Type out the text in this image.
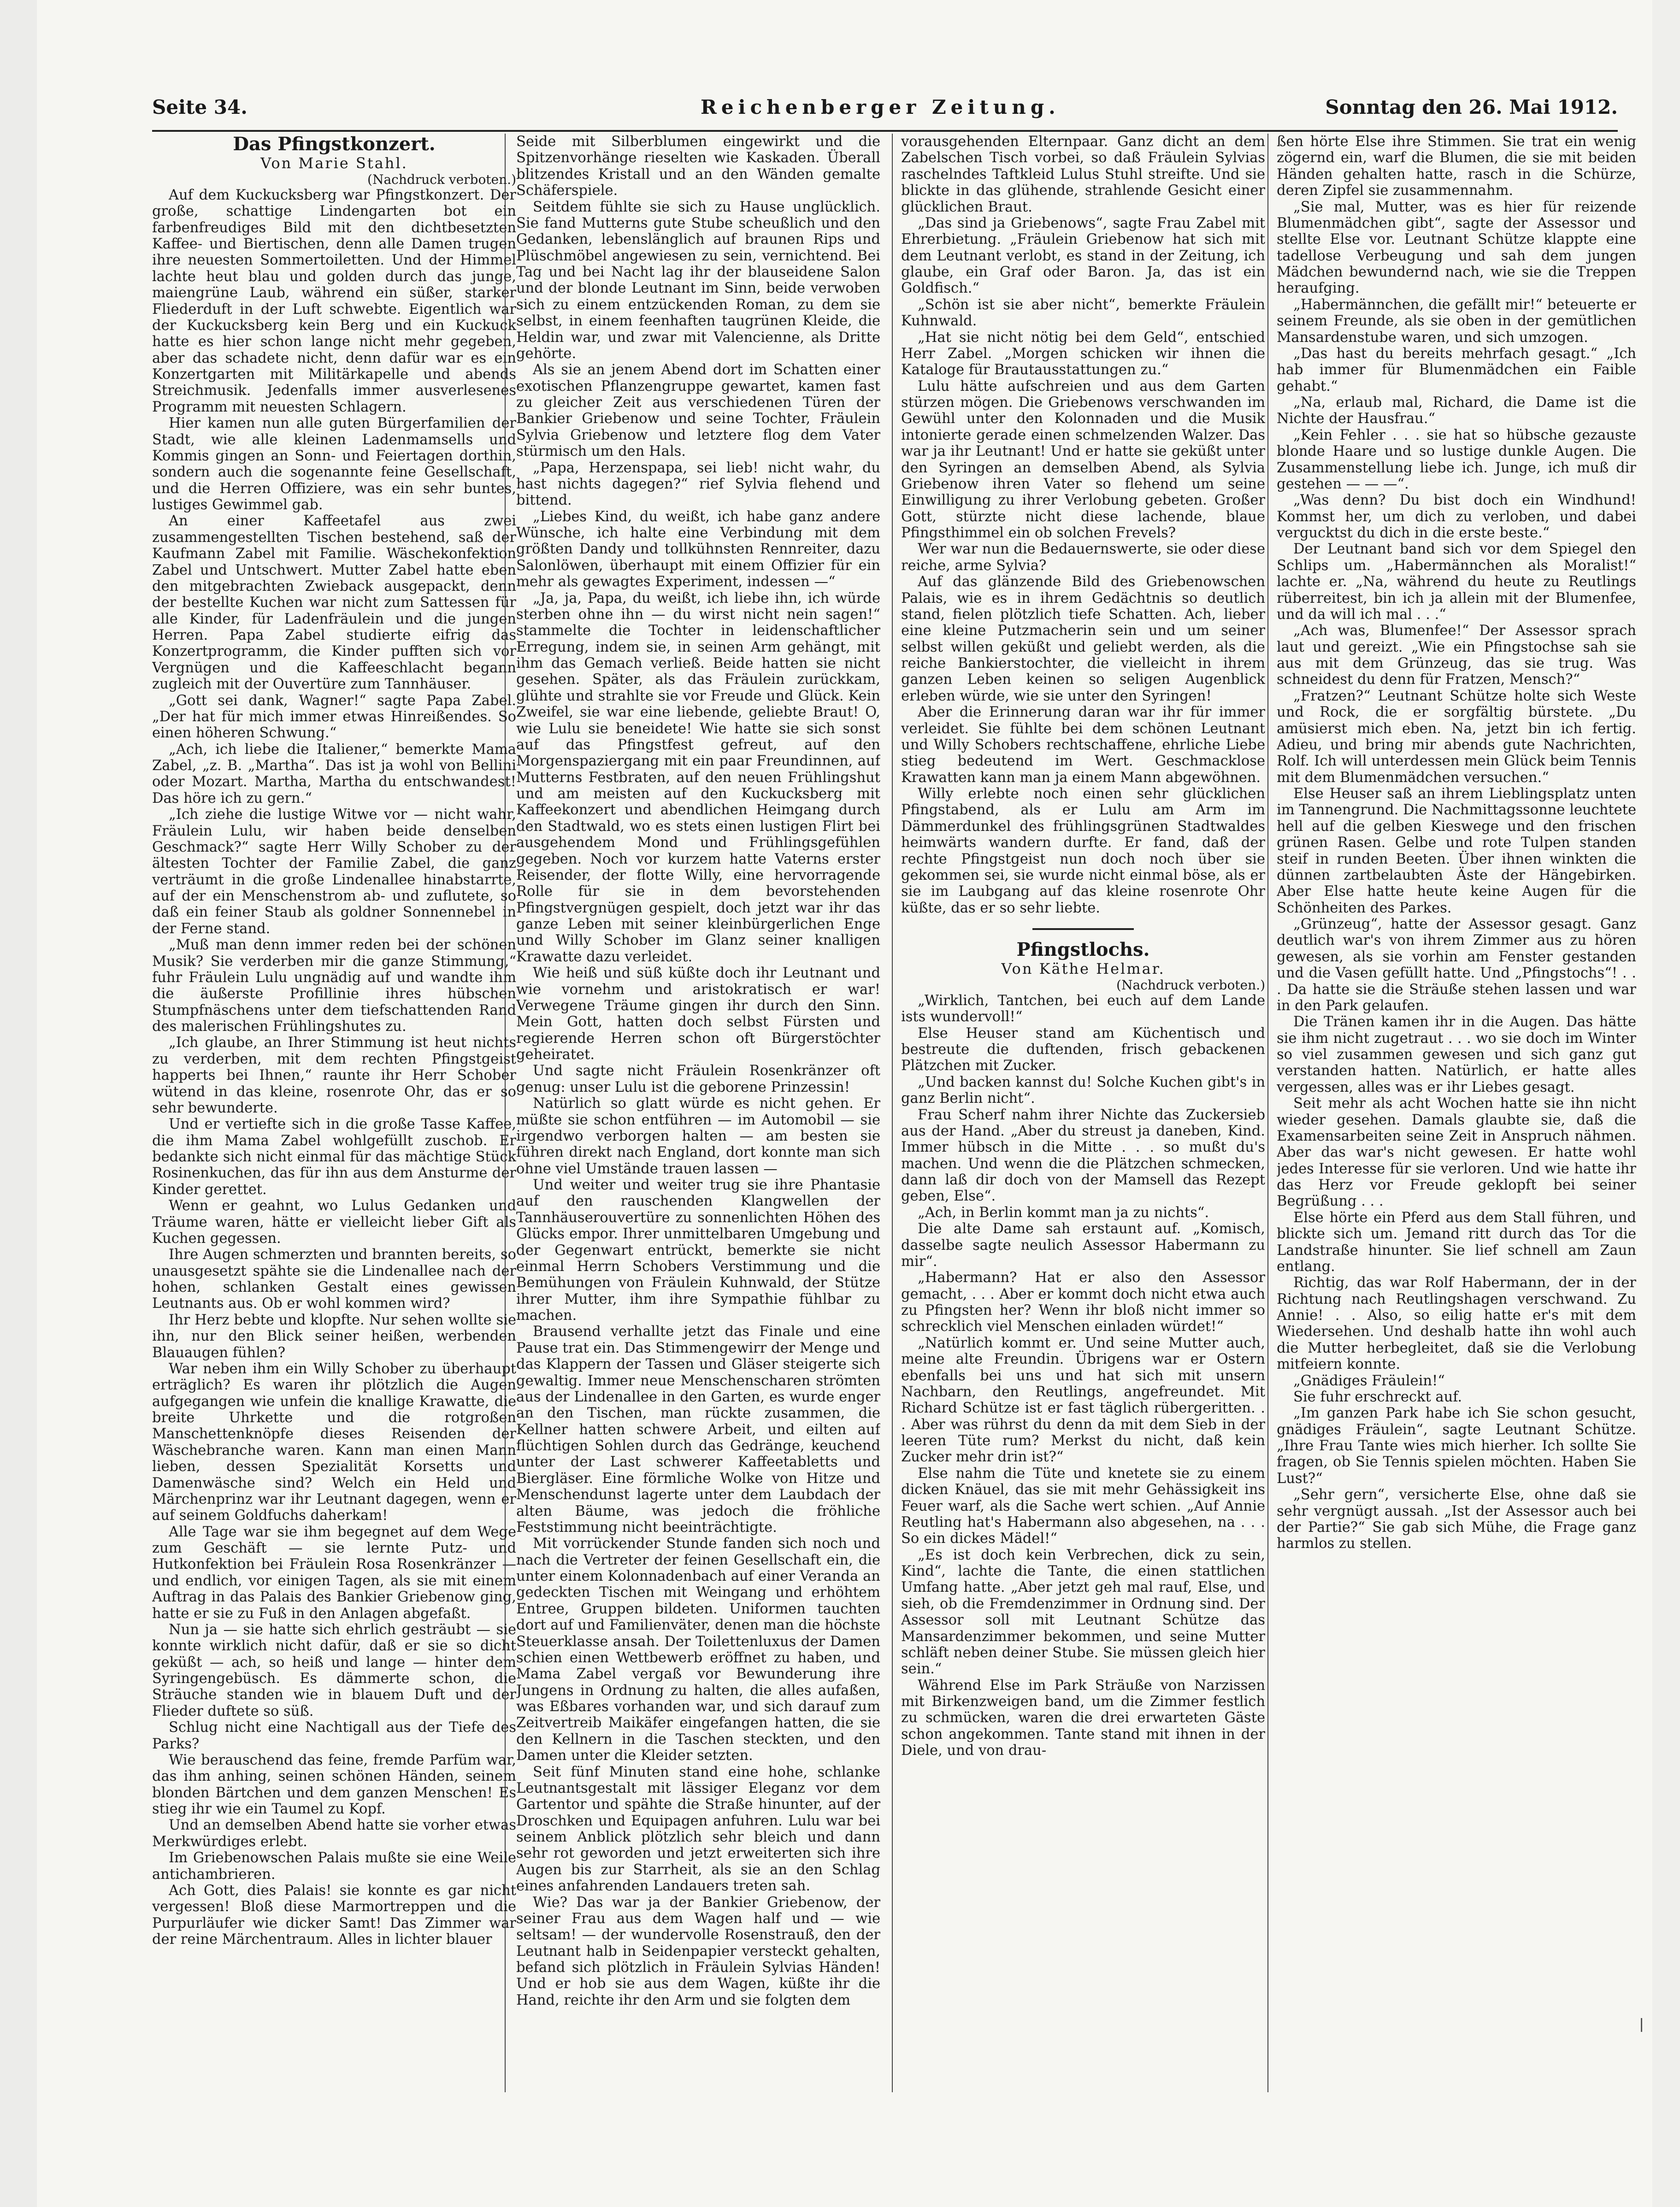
Seite 34.	Reichenberger Zeitung.	Sonntag den 26. Mai 1912.

Das Pfingstkonzert.

Von Marie Stahl.

(Nachdruck verboten.)

Auf dem Kuckucksberg war Pfingstkonzert. Der große, schattige Lindengarten bot ein farbenfreudiges Bild mit den dichtbesetzten Kaffee- und Biertischen, denn alle Damen trugen ihre neuesten Sommertoiletten. Und der Himmel lachte heut blau und golden durch das junge, maiengrüne Laub, während ein süßer, starker Fliederduft in der Luft schwebte. Eigentlich war der Kuckucksberg kein Berg und ein Kuckuck hatte es hier schon lange nicht mehr gegeben, aber das schadete nicht, denn dafür war es ein Konzertgarten mit Militärkapelle und abends Streichmusik. Jedenfalls immer ausverlesenes Programm mit neuesten Schlagern.

Hier kamen nun alle guten Bürgerfamilien der Stadt, wie alle kleinen Ladenmamsells und Kommis gingen an Sonn- und Feiertagen dorthin, sondern auch die sogenannte feine Gesellschaft, und die Herren Offiziere, was ein sehr buntes, lustiges Gewimmel gab.

An einer Kaffeetafel aus zwei zusammengestellten Tischen bestehend, saß der Kaufmann Zabel mit Familie. Wäschekonfektion Zabel und Untschwert. Mutter Zabel hatte eben den mitgebrachten Zwieback ausgepackt, denn der bestellte Kuchen war nicht zum Sattessen für alle Kinder, für Ladenfräulein und die jungen Herren. Papa Zabel studierte eifrig das Konzertprogramm, die Kinder pufften sich vor Vergnügen und die Kaffeeschlacht begann zugleich mit der Ouvertüre zum Tannhäuser.

„Gott sei dank, Wagner!“ sagte Papa Zabel. „Der hat für mich immer etwas Hinreißendes. So einen höheren Schwung.“

„Ach, ich liebe die Italiener,“ bemerkte Mama Zabel, „z. B. „Martha“. Das ist ja wohl von Bellini oder Mozart. Martha, Martha du entschwandest! Das höre ich zu gern.“

„Ich ziehe die lustige Witwe vor — nicht wahr, Fräulein Lulu, wir haben beide denselben Geschmack?“ sagte Herr Willy Schober zu der ältesten Tochter der Familie Zabel, die ganz verträumt in die große Lindenallee hinabstarrte, auf der ein Menschenstrom ab- und zuflutete, so daß ein feiner Staub als goldner Sonnennebel in der Ferne stand.

„Muß man denn immer reden bei der schönen Musik? Sie verderben mir die ganze Stimmung,“ fuhr Fräulein Lulu ungnädig auf und wandte ihm die äußerste Profillinie ihres hübschen Stumpfnäschens unter dem tiefschattenden Rand des malerischen Frühlingshutes zu.

„Ich glaube, an Ihrer Stimmung ist heut nichts zu verderben, mit dem rechten Pfingstgeist happerts bei Ihnen,“ raunte ihr Herr Schober wütend in das kleine, rosenrote Ohr, das er so sehr bewunderte.

Und er vertiefte sich in die große Tasse Kaffee, die ihm Mama Zabel wohlgefüllt zuschob. Er bedankte sich nicht einmal für das mächtige Stück Rosinenkuchen, das für ihn aus dem Ansturme der Kinder gerettet.

Wenn er geahnt, wo Lulus Gedanken und Träume waren, hätte er vielleicht lieber Gift als Kuchen gegessen.

Ihre Augen schmerzten und brannten bereits, so unausgesetzt spähte sie die Lindenallee nach der hohen, schlanken Gestalt eines gewissen Leutnants aus. Ob er wohl kommen wird?

Ihr Herz bebte und klopfte. Nur sehen wollte sie ihn, nur den Blick seiner heißen, werbenden Blauaugen fühlen?

War neben ihm ein Willy Schober zu überhaupt erträglich? Es waren ihr plötzlich die Augen aufgegangen wie unfein die knallige Krawatte, die breite Uhrkette und die rotgroßen Manschettenknöpfe dieses Reisenden der Wäschebranche waren. Kann man einen Mann lieben, dessen Spezialität Korsetts und Damenwäsche sind? Welch ein Held und Märchenprinz war ihr Leutnant dagegen, wenn er auf seinem Goldfuchs daherkam!

Alle Tage war sie ihm begegnet auf dem Wege zum Geschäft — sie lernte Putz- und Hutkonfektion bei Fräulein Rosa Rosenkränzer — und endlich, vor einigen Tagen, als sie mit einem Auftrag in das Palais des Bankier Griebenow ging, hatte er sie zu Fuß in den Anlagen abgefaßt.

Nun ja — sie hatte sich ehrlich gesträubt — sie konnte wirklich nicht dafür, daß er sie so dicht geküßt — ach, so heiß und lange — hinter dem Syringengebüsch. Es dämmerte schon, die Sträuche standen wie in blauem Duft und der Flieder duftete so süß.

Schlug nicht eine Nachtigall aus der Tiefe des Parks?

Wie berauschend das feine, fremde Parfüm war, das ihm anhing, seinen schönen Händen, seinem blonden Bärtchen und dem ganzen Menschen! Es stieg ihr wie ein Taumel zu Kopf.

Und an demselben Abend hatte sie vorher etwas Merkwürdiges erlebt.

Im Griebenowschen Palais mußte sie eine Weile antichambrieren.

Ach Gott, dies Palais! sie konnte es gar nicht vergessen! Bloß diese Marmortreppen und die Purpurläufer wie dicker Samt! Das Zimmer war der reine Märchentraum. Alles in lichter blauer

Seide mit Silberblumen eingewirkt und die Spitzenvorhänge rieselten wie Kaskaden. Überall blitzendes Kristall und an den Wänden gemalte Schäferspiele.

Seitdem fühlte sie sich zu Hause unglücklich. Sie fand Mutterns gute Stube scheußlich und den Gedanken, lebenslänglich auf braunen Rips und Plüschmöbel angewiesen zu sein, vernichtend. Bei Tag und bei Nacht lag ihr der blauseidene Salon und der blonde Leutnant im Sinn, beide verwoben sich zu einem entzückenden Roman, zu dem sie selbst, in einem feenhaften taugrünen Kleide, die Heldin war, und zwar mit Valencienne, als Dritte gehörte.

Als sie an jenem Abend dort im Schatten einer exotischen Pflanzengruppe gewartet, kamen fast zu gleicher Zeit aus verschiedenen Türen der Bankier Griebenow und seine Tochter, Fräulein Sylvia Griebenow und letztere flog dem Vater stürmisch um den Hals.

„Papa, Herzenspapa, sei lieb! nicht wahr, du hast nichts dagegen?“ rief Sylvia flehend und bittend.

„Liebes Kind, du weißt, ich habe ganz andere Wünsche, ich halte eine Verbindung mit dem größten Dandy und tollkühnsten Rennreiter, dazu Salonlöwen, überhaupt mit einem Offizier für ein mehr als gewagtes Experiment, indessen —“

„Ja, ja, Papa, du weißt, ich liebe ihn, ich würde sterben ohne ihn — du wirst nicht nein sagen!“ stammelte die Tochter in leidenschaftlicher Erregung, indem sie, in seinen Arm gehängt, mit ihm das Gemach verließ. Beide hatten sie nicht gesehen. Später, als das Fräulein zurückkam, glühte und strahlte sie vor Freude und Glück. Kein Zweifel, sie war eine liebende, geliebte Braut! O, wie Lulu sie beneidete! Wie hatte sie sich sonst auf das Pfingstfest gefreut, auf den Morgenspaziergang mit ein paar Freundinnen, auf Mutterns Festbraten, auf den neuen Frühlingshut und am meisten auf den Kuckucksberg mit Kaffeekonzert und abendlichen Heimgang durch den Stadtwald, wo es stets einen lustigen Flirt bei ausgehendem Mond und Frühlingsgefühlen gegeben. Noch vor kurzem hatte Vaterns erster Reisender, der flotte Willy, eine hervorragende Rolle für sie in dem bevorstehenden Pfingstvergnügen gespielt, doch jetzt war ihr das ganze Leben mit seiner kleinbürgerlichen Enge und Willy Schober im Glanz seiner knalligen Krawatte dazu verleidet.

Wie heiß und süß küßte doch ihr Leutnant und wie vornehm und aristokratisch er war! Verwegene Träume gingen ihr durch den Sinn. Mein Gott, hatten doch selbst Fürsten und regierende Herren schon oft Bürgerstöchter geheiratet.

Und sagte nicht Fräulein Rosenkränzer oft genug: unser Lulu ist die geborene Prinzessin!

Natürlich so glatt würde es nicht gehen. Er müßte sie schon entführen — im Automobil — sie irgendwo verborgen halten — am besten sie führen direkt nach England, dort konnte man sich ohne viel Umstände trauen lassen —

Und weiter und weiter trug sie ihre Phantasie auf den rauschenden Klangwellen der Tannhäuserouvertüre zu sonnenlichten Höhen des Glücks empor. Ihrer unmittelbaren Umgebung und der Gegenwart entrückt, bemerkte sie nicht einmal Herrn Schobers Verstimmung und die Bemühungen von Fräulein Kuhnwald, der Stütze ihrer Mutter, ihm ihre Sympathie fühlbar zu machen.

Brausend verhallte jetzt das Finale und eine Pause trat ein. Das Stimmengewirr der Menge und das Klappern der Tassen und Gläser steigerte sich gewaltig. Immer neue Menschenscharen strömten aus der Lindenallee in den Garten, es wurde enger an den Tischen, man rückte zusammen, die Kellner hatten schwere Arbeit, und eilten auf flüchtigen Sohlen durch das Gedränge, keuchend unter der Last schwerer Kaffeetabletts und Biergläser. Eine förmliche Wolke von Hitze und Menschendunst lagerte unter dem Laubdach der alten Bäume, was jedoch die fröhliche Feststimmung nicht beeinträchtigte.

Mit vorrückender Stunde fanden sich noch und nach die Vertreter der feinen Gesellschaft ein, die unter einem Kolonnadenbach auf einer Veranda an gedeckten Tischen mit Weingang und erhöhtem Entree, Gruppen bildeten. Uniformen tauchten dort auf und Familienväter, denen man die höchste Steuerklasse ansah. Der Toilettenluxus der Damen schien einen Wettbewerb eröffnet zu haben, und Mama Zabel vergaß vor Bewunderung ihre Jungens in Ordnung zu halten, die alles aufaßen, was Eßbares vorhanden war, und sich darauf zum Zeitvertreib Maikäfer eingefangen hatten, die sie den Kellnern in die Taschen steckten, und den Damen unter die Kleider setzten.

Seit fünf Minuten stand eine hohe, schlanke Leutnantsgestalt mit lässiger Eleganz vor dem Gartentor und spähte die Straße hinunter, auf der Droschken und Equipagen anfuhren. Lulu war bei seinem Anblick plötzlich sehr bleich und dann sehr rot geworden und jetzt erweiterten sich ihre Augen bis zur Starrheit, als sie an den Schlag eines anfahrenden Landauers treten sah.

Wie? Das war ja der Bankier Griebenow, der seiner Frau aus dem Wagen half und — wie seltsam! — der wundervolle Rosenstrauß, den der Leutnant halb in Seidenpapier versteckt gehalten, befand sich plötzlich in Fräulein Sylvias Händen! Und er hob sie aus dem Wagen, küßte ihr die Hand, reichte ihr den Arm und sie folgten dem

vorausgehenden Elternpaar. Ganz dicht an dem Zabelschen Tisch vorbei, so daß Fräulein Sylvias raschelndes Taftkleid Lulus Stuhl streifte. Und sie blickte in das glühende, strahlende Gesicht einer glücklichen Braut.

„Das sind ja Griebenows“, sagte Frau Zabel mit Ehrerbietung. „Fräulein Griebenow hat sich mit dem Leutnant verlobt, es stand in der Zeitung, ich glaube, ein Graf oder Baron. Ja, das ist ein Goldfisch.“

„Schön ist sie aber nicht“, bemerkte Fräulein Kuhnwald.

„Hat sie nicht nötig bei dem Geld“, entschied Herr Zabel. „Morgen schicken wir ihnen die Kataloge für Brautausstattungen zu.“

Lulu hätte aufschreien und aus dem Garten stürzen mögen. Die Griebenows verschwanden im Gewühl unter den Kolonnaden und die Musik intonierte gerade einen schmelzenden Walzer. Das war ja ihr Leutnant! Und er hatte sie geküßt unter den Syringen an demselben Abend, als Sylvia Griebenow ihren Vater so flehend um seine Einwilligung zu ihrer Verlobung gebeten. Großer Gott, stürzte nicht diese lachende, blaue Pfingsthimmel ein ob solchen Frevels?

Wer war nun die Bedauernswerte, sie oder diese reiche, arme Sylvia?

Auf das glänzende Bild des Griebenowschen Palais, wie es in ihrem Gedächtnis so deutlich stand, fielen plötzlich tiefe Schatten. Ach, lieber eine kleine Putzmacherin sein und um seiner selbst willen geküßt und geliebt werden, als die reiche Bankierstochter, die vielleicht in ihrem ganzen Leben keinen so seligen Augenblick erleben würde, wie sie unter den Syringen!

Aber die Erinnerung daran war ihr für immer verleidet. Sie fühlte bei dem schönen Leutnant und Willy Schobers rechtschaffene, ehrliche Liebe stieg bedeutend im Wert. Geschmacklose Krawatten kann man ja einem Mann abgewöhnen.

Willy erlebte noch einen sehr glücklichen Pfingstabend, als er Lulu am Arm im Dämmerdunkel des frühlingsgrünen Stadtwaldes heimwärts wandern durfte. Er fand, daß der rechte Pfingstgeist nun doch noch über sie gekommen sei, sie wurde nicht einmal böse, als er sie im Laubgang auf das kleine rosenrote Ohr küßte, das er so sehr liebte.

Pfingstlochs.

Von Käthe Helmar.

(Nachdruck verboten.)

„Wirklich, Tantchen, bei euch auf dem Lande ists wundervoll!“

Else Heuser stand am Küchentisch und bestreute die duftenden, frisch gebackenen Plätzchen mit Zucker.

„Und backen kannst du! Solche Kuchen gibt's in ganz Berlin nicht“.

Frau Scherf nahm ihrer Nichte das Zuckersieb aus der Hand. „Aber du streust ja daneben, Kind. Immer hübsch in die Mitte . . . so mußt du's machen. Und wenn die die Plätzchen schmecken, dann laß dir doch von der Mamsell das Rezept geben, Else“.

„Ach, in Berlin kommt man ja zu nichts“.

Die alte Dame sah erstaunt auf. „Komisch, dasselbe sagte neulich Assessor Habermann zu mir“.

„Habermann? Hat er also den Assessor gemacht, . . . Aber er kommt doch nicht etwa auch zu Pfingsten her? Wenn ihr bloß nicht immer so schrecklich viel Menschen einladen würdet!“

„Natürlich kommt er. Und seine Mutter auch, meine alte Freundin. Übrigens war er Ostern ebenfalls bei uns und hat sich mit unsern Nachbarn, den Reutlings, angefreundet. Mit Richard Schütze ist er fast täglich rübergeritten. . . Aber was rührst du denn da mit dem Sieb in der leeren Tüte rum? Merkst du nicht, daß kein Zucker mehr drin ist?“

Else nahm die Tüte und knetete sie zu einem dicken Knäuel, das sie mit mehr Gehässigkeit ins Feuer warf, als die Sache wert schien. „Auf Annie Reutling hat's Habermann also abgesehen, na . . . So ein dickes Mädel!“

„Es ist doch kein Verbrechen, dick zu sein, Kind“, lachte die Tante, die einen stattlichen Umfang hatte. „Aber jetzt geh mal rauf, Else, und sieh, ob die Fremdenzimmer in Ordnung sind. Der Assessor soll mit Leutnant Schütze das Mansardenzimmer bekommen, und seine Mutter schläft neben deiner Stube. Sie müssen gleich hier sein.“

Während Else im Park Sträuße von Narzissen mit Birkenzweigen band, um die Zimmer festlich zu schmücken, waren die drei erwarteten Gäste schon angekommen. Tante stand mit ihnen in der Diele, und von drau-

ßen hörte Else ihre Stimmen. Sie trat ein wenig zögernd ein, warf die Blumen, die sie mit beiden Händen gehalten hatte, rasch in die Schürze, deren Zipfel sie zusammennahm.

„Sie mal, Mutter, was es hier für reizende Blumenmädchen gibt“, sagte der Assessor und stellte Else vor. Leutnant Schütze klappte eine tadellose Verbeugung und sah dem jungen Mädchen bewundernd nach, wie sie die Treppen heraufging.

„Habermännchen, die gefällt mir!“ beteuerte er seinem Freunde, als sie oben in der gemütlichen Mansardenstube waren, und sich umzogen.

„Das hast du bereits mehrfach gesagt.“ „Ich hab immer für Blumenmädchen ein Faible gehabt.“

„Na, erlaub mal, Richard, die Dame ist die Nichte der Hausfrau.“

„Kein Fehler . . . sie hat so hübsche gezauste blonde Haare und so lustige dunkle Augen. Die Zusammenstellung liebe ich. Junge, ich muß dir gestehen — — —“.

„Was denn? Du bist doch ein Windhund! Kommst her, um dich zu verloben, und dabei vergucktst du dich in die erste beste.“

Der Leutnant band sich vor dem Spiegel den Schlips um. „Habermännchen als Moralist!“ lachte er. „Na, während du heute zu Reutlings rüberreitest, bin ich ja allein mit der Blumenfee, und da will ich mal . . .“

„Ach was, Blumenfee!“ Der Assessor sprach laut und gereizt. „Wie ein Pfingstochse sah sie aus mit dem Grünzeug, das sie trug. Was schneidest du denn für Fratzen, Mensch?“

„Fratzen?“ Leutnant Schütze holte sich Weste und Rock, die er sorgfältig bürstete. „Du amüsierst mich eben. Na, jetzt bin ich fertig. Adieu, und bring mir abends gute Nachrichten, Rolf. Ich will unterdessen mein Glück beim Tennis mit dem Blumenmädchen versuchen.“

Else Heuser saß an ihrem Lieblingsplatz unten im Tannengrund. Die Nachmittagssonne leuchtete hell auf die gelben Kieswege und den frischen grünen Rasen. Gelbe und rote Tulpen standen steif in runden Beeten. Über ihnen winkten die dünnen zartbelaubten Äste der Hängebirken. Aber Else hatte heute keine Augen für die Schönheiten des Parkes.

„Grünzeug“, hatte der Assessor gesagt. Ganz deutlich war's von ihrem Zimmer aus zu hören gewesen, als sie vorhin am Fenster gestanden und die Vasen gefüllt hatte. Und „Pfingstochs“! . . . Da hatte sie die Sträuße stehen lassen und war in den Park gelaufen.

Die Tränen kamen ihr in die Augen. Das hätte sie ihm nicht zugetraut . . . wo sie doch im Winter so viel zusammen gewesen und sich ganz gut verstanden hatten. Natürlich, er hatte alles vergessen, alles was er ihr Liebes gesagt.

Seit mehr als acht Wochen hatte sie ihn nicht wieder gesehen. Damals glaubte sie, daß die Examensarbeiten seine Zeit in Anspruch nähmen. Aber das war's nicht gewesen. Er hatte wohl jedes Interesse für sie verloren. Und wie hatte ihr das Herz vor Freude geklopft bei seiner Begrüßung . . .

Else hörte ein Pferd aus dem Stall führen, und blickte sich um. Jemand ritt durch das Tor die Landstraße hinunter. Sie lief schnell am Zaun entlang.

Richtig, das war Rolf Habermann, der in der Richtung nach Reutlingshagen verschwand. Zu Annie! . . Also, so eilig hatte er's mit dem Wiedersehen. Und deshalb hatte ihn wohl auch die Mutter herbegleitet, daß sie die Verlobung mitfeiern konnte.

„Gnädiges Fräulein!“

Sie fuhr erschreckt auf.

„Im ganzen Park habe ich Sie schon gesucht, gnädiges Fräulein“, sagte Leutnant Schütze. „Ihre Frau Tante wies mich hierher. Ich sollte Sie fragen, ob Sie Tennis spielen möchten. Haben Sie Lust?“

„Sehr gern“, versicherte Else, ohne daß sie sehr vergnügt aussah. „Ist der Assessor auch bei der Partie?“ Sie gab sich Mühe, die Frage ganz harmlos zu stellen.
